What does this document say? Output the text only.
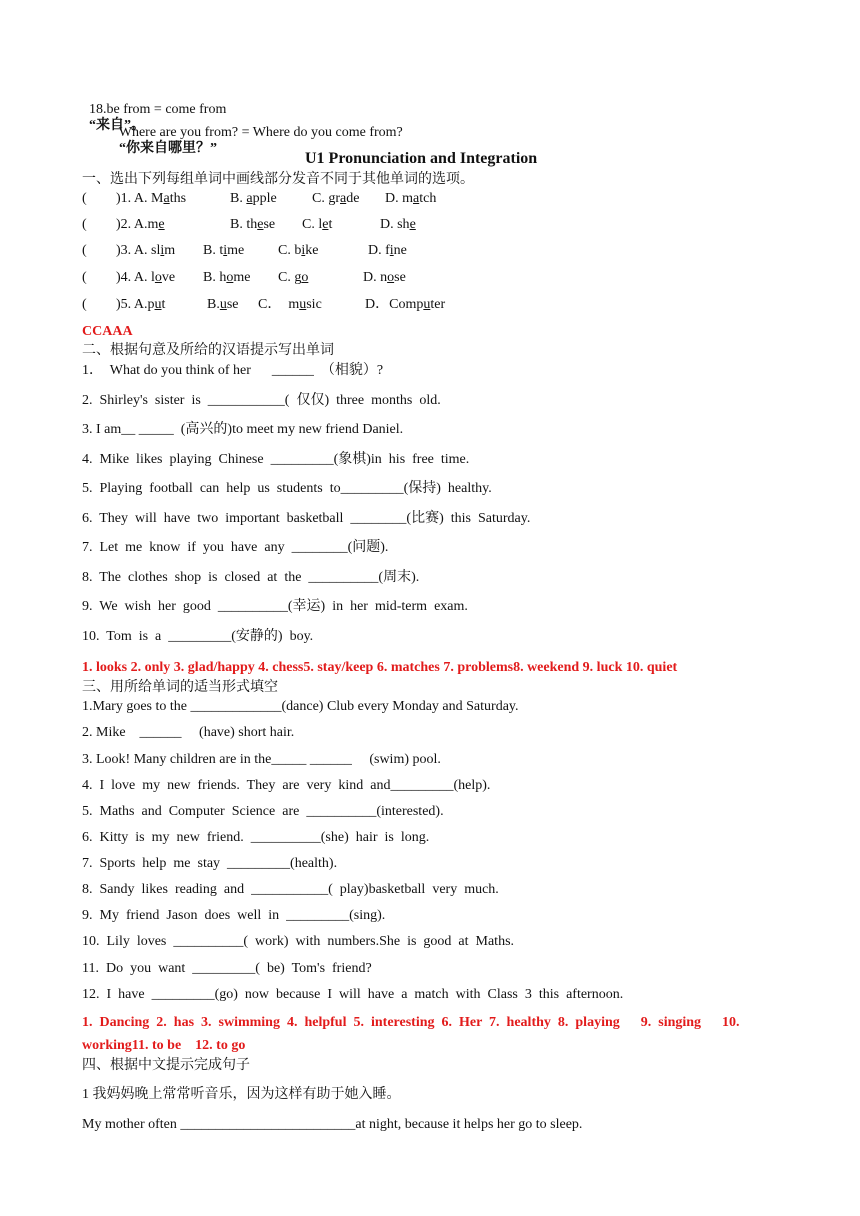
18.be from = come from
“来自”。

Where are you from? = Where do you come from?
“你来自哪里？”

U1 Pronunciation and Integration
一、选出下列每组单词中画线部分发音不同于其他单词的选项。
( )1. A. Maths	B. apple	C. grade D. match
( )2. A.me	B. these C. let	D. she
( )3. A. slim B. time C. bike	D. fine
( )4. A. love B. home C. go	D. nose
( )5. A.put	B.use C．  music	D．Computer
CCAAA
二、根据句意及所给的汉语提示写出单词
1．  What do you think of her      ______  （相貌）?
2.  Shirley's  sister  is  ___________(  仅仅)  three  months  old.
3. I am__ _____  (高兴的)to meet my new friend Daniel.
4.  Mike  likes  playing  Chinese  _________(象棋)in  his  free  time.
5.  Playing  football  can  help  us  students  to_________(保持)  healthy.
6.  They  will  have  two  important  basketball  ________(比赛)  this  Saturday.
7.  Let  me  know  if  you  have  any  ________(问题).
8.  The  clothes  shop  is  closed  at  the  __________(周末).
9.  We  wish  her  good  __________(幸运)  in  her  mid-term  exam.
10.  Tom  is  a  _________(安静的)  boy.
1. looks 2. only 3. glad/happy 4. chess5. stay/keep 6. matches 7. problems8. weekend 9. luck 10. quiet
三、用所给单词的适当形式填空
1.Mary goes to the _____________(dance) Club every Monday and Saturday.
2. Mike    ______     (have) short hair.
3. Look! Many children are in the_____ ______     (swim) pool.
4.  I  love  my  new  friends.  They  are  very  kind  and_________(help).
5.  Maths  and  Computer  Science  are  __________(interested).
6.  Kitty  is  my  new  friend.  __________(she)  hair  is  long.
7.  Sports  help  me  stay  _________(health).
8.  Sandy  likes  reading  and  ___________(  play)basketball  very  much.
9.  My  friend  Jason  does  well  in  _________(sing).
10.  Lily  loves  __________(  work)  with  numbers.She  is  good  at  Maths.
11.  Do  you  want  _________(  be)  Tom's  friend?
12.  I  have  _________(go)  now  because  I  will  have  a  match  with  Class  3  this  afternoon.
1.  Dancing  2.  has  3.  swimming  4.  helpful  5.  interesting  6.  Her  7.  healthy  8.  playing      9.  singing      10.
working11. to be    12. to go
四、根据中文提示完成句子
1 我妈妈晚上常常听音乐，因为这样有助于她入睡。
My mother often _________________________at night, because it helps her go to sleep.
